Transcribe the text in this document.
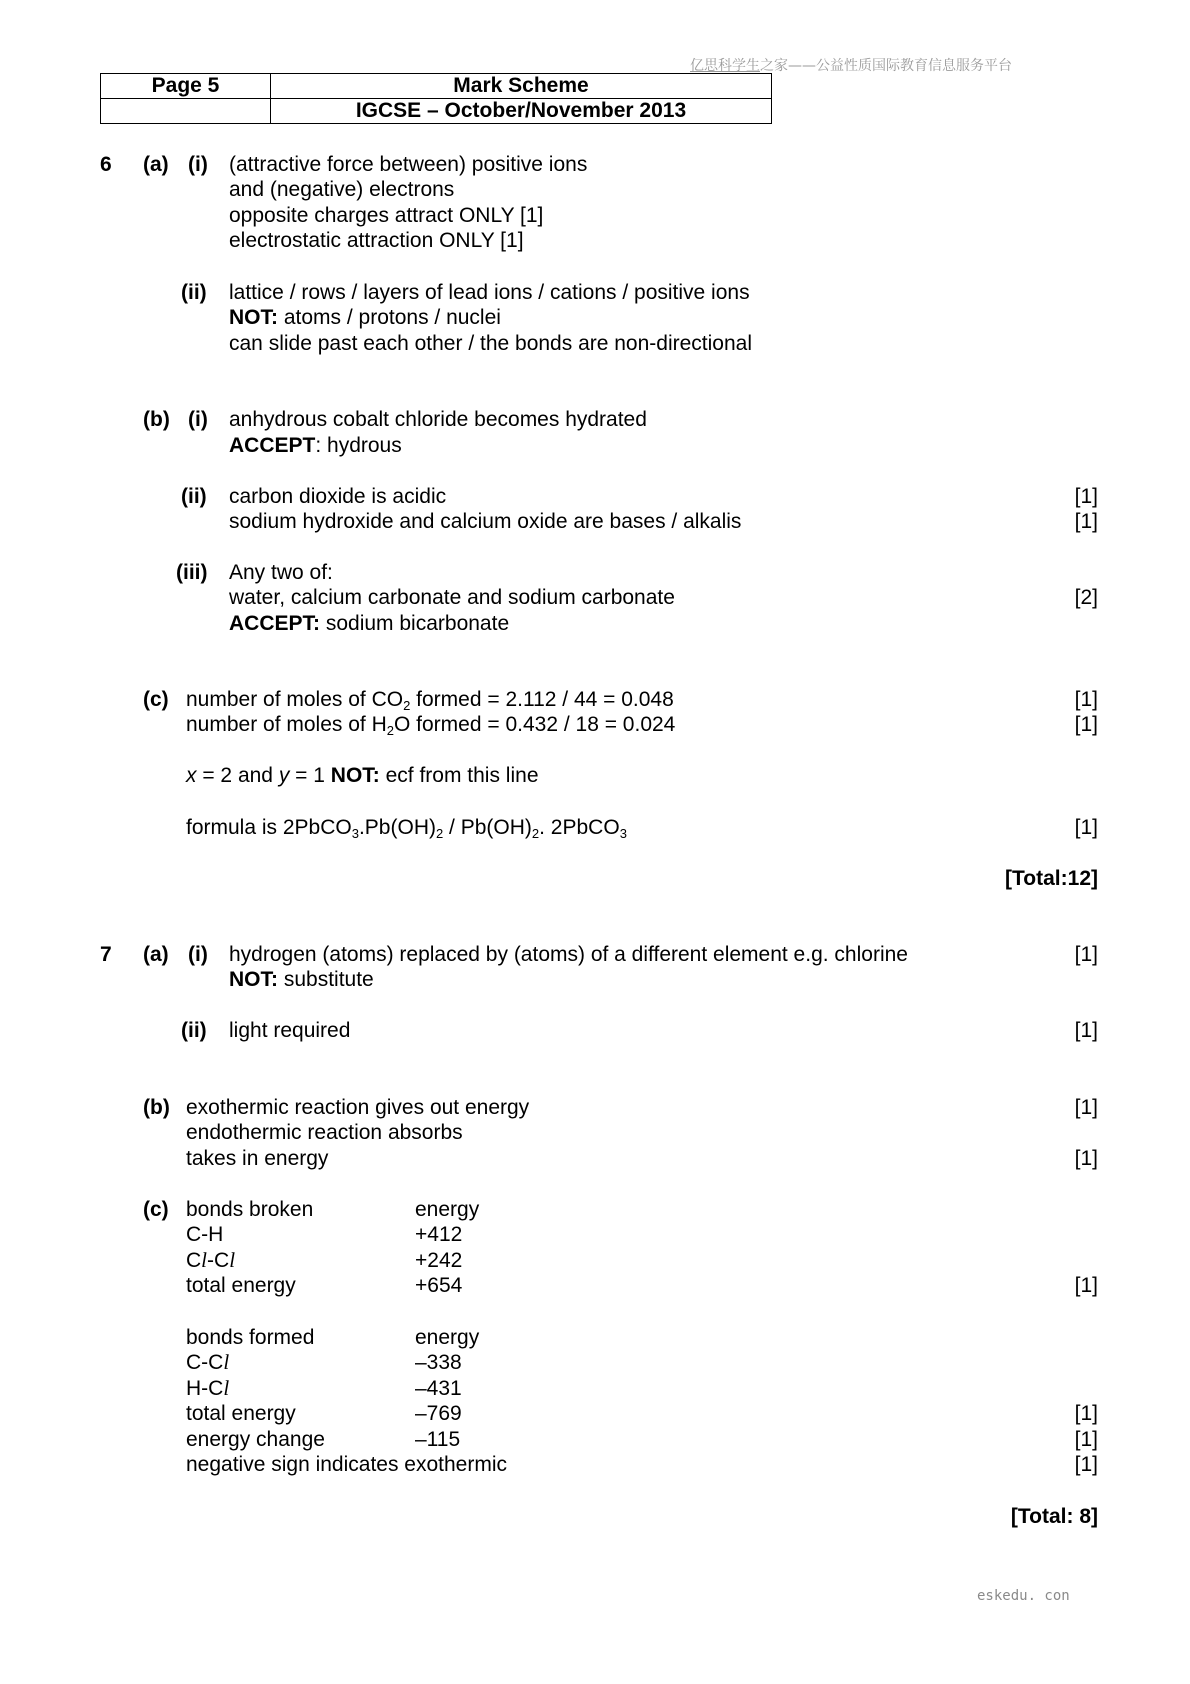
亿思科学生之家——公益性质国际教育信息服务平台
Page 5	Mark Scheme
	IGCSE – October/November 2013
6 (a) (i) (attractive force between) positive ions
and (negative) electrons
opposite charges attract ONLY [1]
electrostatic attraction ONLY [1]
(ii) lattice / rows / layers of lead ions / cations / positive ions
NOT: atoms / protons / nuclei
can slide past each other / the bonds are non-directional
(b) (i) anhydrous cobalt chloride becomes hydrated
ACCEPT: hydrous
(ii) carbon dioxide is acidic	[1]
sodium hydroxide and calcium oxide are bases / alkalis	[1]
(iii) Any two of:
water, calcium carbonate and sodium carbonate	[2]
ACCEPT: sodium bicarbonate
(c) number of moles of $CO_2$ formed = 2.112 / 44 = 0.048	[1]
number of moles of $H_2O$ formed = 0.432 / 18 = 0.024	[1]
x = 2 and y = 1 NOT: ecf from this line
formula is $2PbCO_3.Pb(OH)_2 / Pb(OH)_2$. 2PbCO$_3$	[1]
[Total:12]
7 (a) (i) hydrogen (atoms) replaced by (atoms) of a different element e.g. chlorine	[1]
NOT: substitute
(ii) light required	[1]
(b) exothermic reaction gives out energy	[1]
endothermic reaction absorbs
takes in energy	[1]
(c) bonds broken	energy
C-H	+412
Cl-Cl	+242
total energy	+654	[1]
bonds formed	energy
C-Cl	–338
H-Cl	–431
total energy	–769	[1]
energy change	–115	[1]
negative sign indicates exothermic	[1]
[Total: 8]
eskedu. con
